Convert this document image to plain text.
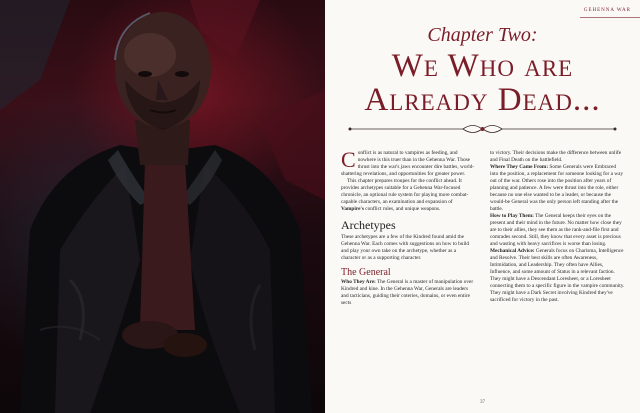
GEHENNA WAR
Chapter Two:
We Who are
Already Dead...

Conflict is as natural to vampires as feeding, and nowhere is this truer than in the Gehenna War. Those thrust into the war's jaws encounter dire battles, world-shattering revelations, and opportunities for greater power.

This chapter prepares troupes for the conflict ahead. It provides archetypes suitable for a Gehenna War-focused chronicle, an optional rule system for playing more combat-capable characters, an examination and expansion of Vampire's conflict rules, and unique weapons.

Archetypes

These archetypes are a few of the Kindred found amid the Gehenna War. Each comes with suggestions on how to build and play your own take on the archetype, whether as a character or as a supporting character.

The General

Who They Are: The General is a master of manipulation over Kindred and kine. In the Gehenna War, Generals are leaders and tacticians, guiding their coteries, domains, or even entire sects

to victory. Their decisions make the difference between unlife and Final Death on the battlefield.

Where They Came From: Some Generals were Embraced into the position, a replacement for someone looking for a way out of the war. Others rose into the position after years of planning and patience. A few were thrust into the role, either because no one else wanted to be a leader, or because the would-be General was the only person left standing after the battle.

How to Play Them: The General keeps their eyes on the present and their mind in the future. No matter how close they are to their allies, they see them as the rank-and-file first and comrades second. Still, they know that every asset is precious and wasting with heavy sacrifices is worse than losing.

Mechanical Advice: Generals focus on Charisma, Intelligence and Resolve. Their best skills are often Awareness, Intimidation, and Leadership. They often have Allies, Influence, and some amount of Status in a relevant faction. They might have a Descendant Loresheet, or a Loresheet connecting them to a specific figure in the vampire community. They might have a Dark Secret involving Kindred they've sacrificed for victory in the past.

37
